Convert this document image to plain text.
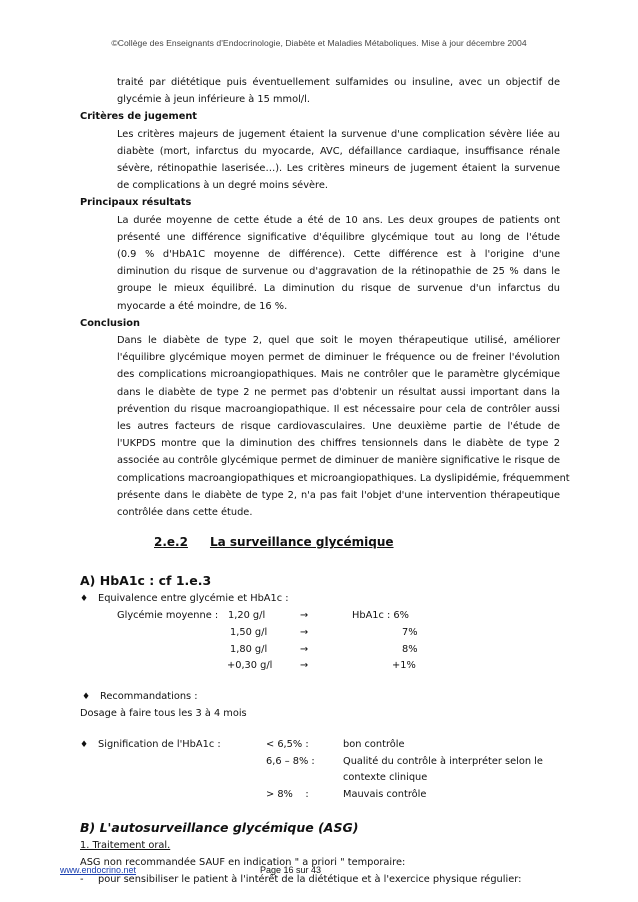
©Collège des Enseignants d'Endocrinologie, Diabète et Maladies Métaboliques. Mise à jour décembre 2004
traité par diététique puis éventuellement sulfamides ou insuline, avec un objectif de
glycémie à jeun inférieure à 15 mmol/l.
Critères de jugement
Les critères majeurs de jugement étaient la survenue d'une complication sévère liée au
diabète (mort, infarctus du myocarde, AVC, défaillance cardiaque, insuffisance rénale
sévère, rétinopathie laserisée…). Les critères mineurs de jugement étaient la survenue
de complications à un degré moins sévère.
Principaux résultats
La durée moyenne de cette étude a été de 10 ans. Les deux groupes de patients ont
présenté une différence significative d'équilibre glycémique tout au long de l'étude
(0.9 % d'HbA1C moyenne de différence). Cette différence est à l'origine d'une
diminution du risque de survenue ou d'aggravation de la rétinopathie de 25 % dans le
groupe le mieux équilibré. La diminution du risque de survenue d'un infarctus du
myocarde a été moindre, de 16 %.
Conclusion
Dans le diabète de type 2, quel que soit le moyen thérapeutique utilisé, améliorer
l'équilibre glycémique moyen permet de diminuer le fréquence ou de freiner l'évolution
des complications microangiopathiques. Mais ne contrôler que le paramètre glycémique
dans le diabète de type 2 ne permet pas d'obtenir un résultat aussi important dans la
prévention du risque macroangiopathique. Il est nécessaire pour cela de contrôler aussi
les autres facteurs de risque cardiovasculaires. Une deuxième partie de l'étude de
l'UKPDS montre que la diminution des chiffres tensionnels dans le diabète de type 2
associée au contrôle glycémique permet de diminuer de manière significative le risque de
complications macroangiopathiques et microangiopathiques. La dyslipidémie, fréquemment
présente dans le diabète de type 2, n'a pas fait l'objet d'une intervention thérapeutique
contrôlée dans cette étude.
2.e.2 La surveillance glycémique
A) HbA1c : cf 1.e.3
♦ Equivalence entre glycémie et HbA1c :
Glycémie moyenne : 1,20 g/l	→	HbA1c : 6%
1,50 g/l	→	7%
1,80 g/l	→	8%
+0,30 g/l	→	+1%
♦ Recommandations :
Dosage à faire tous les 3 à 4 mois
♦ Signification de l'HbA1c :	< 6,5% :	bon contrôle
6,6 – 8% :	Qualité du contrôle à interpréter selon le
contexte clinique
> 8%    :	Mauvais contrôle
B) L'autosurveillance glycémique (ASG)
1. Traitement oral.
ASG non recommandée SAUF en indication " a priori " temporaire:
- pour sensibiliser le patient à l'intérêt de la diététique et à l'exercice physique régulier:
www.endocrino.net	Page 16 sur 43
